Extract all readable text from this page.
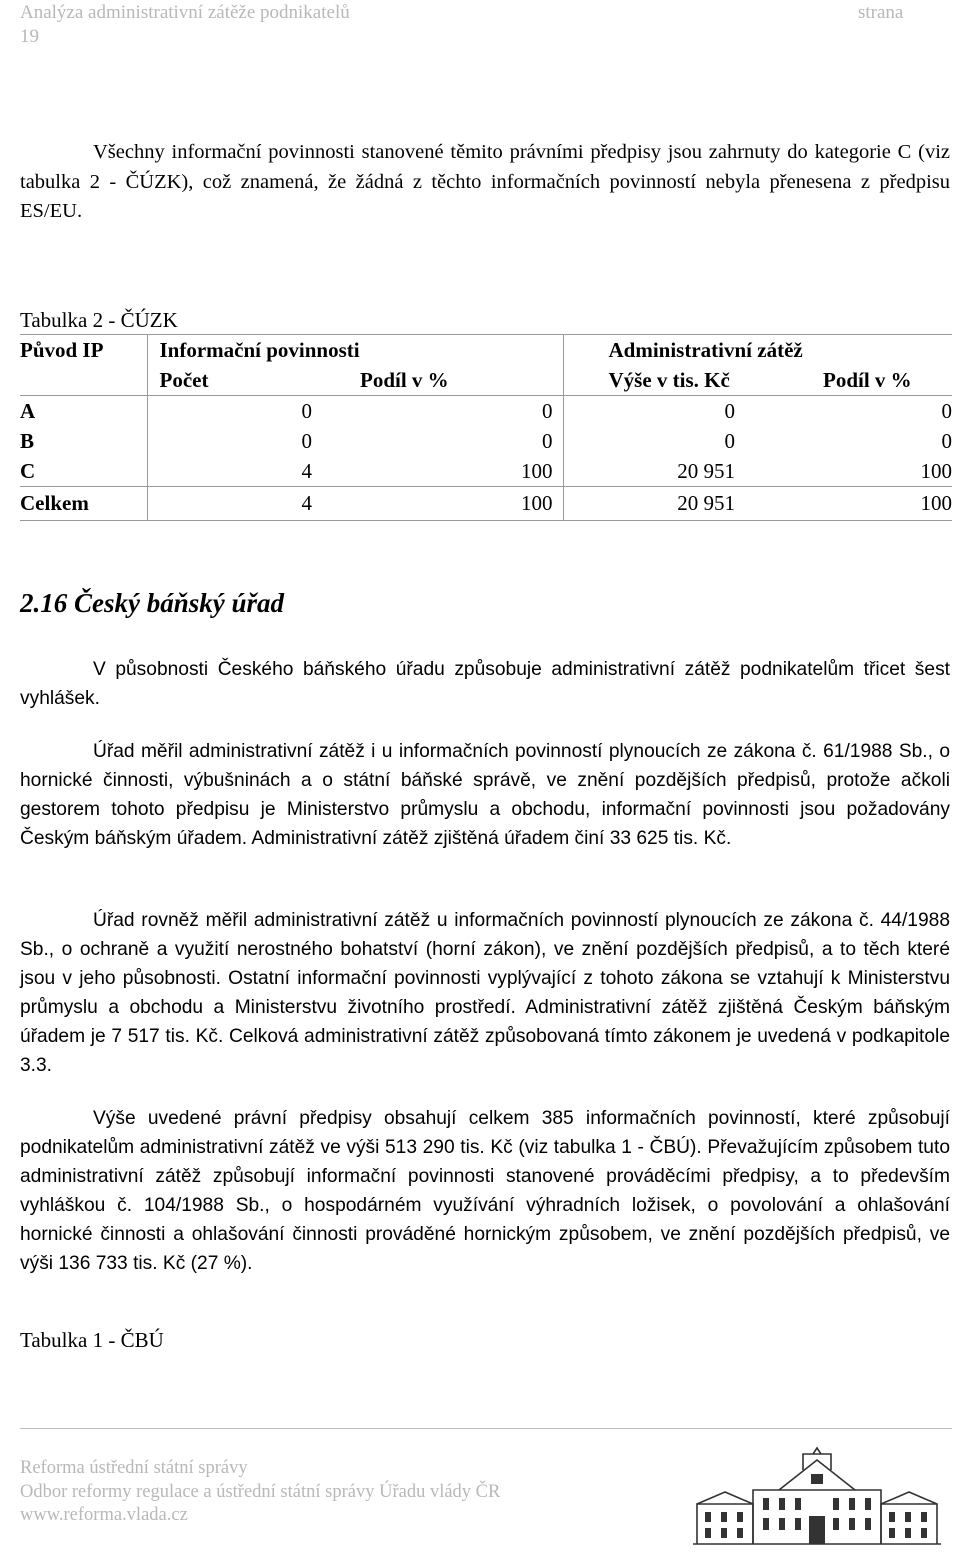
Analýza administrativní zátěže podnikatelů	strana
19

Všechny informační povinnosti stanovené těmito právními předpisy jsou zahrnuty do kategorie C (viz tabulka 2 - ČÚZK), což znamená, že žádná z těchto informačních povinností nebyla přenesena z předpisu ES/EU.

Tabulka 2 - ČÚZK
Původ IP	Informační povinnosti		Administrativní zátěž	
	Počet	Podíl v %	Výše v tis. Kč	Podíl v %
A	0	0	0	0
B	0	0	0	0
C	4	100	20 951	100
Celkem	4	100	20 951	100
2.16 Český báňský úřad

V působnosti Českého báňského úřadu způsobuje administrativní zátěž podnikatelům třicet šest vyhlášek.

Úřad měřil administrativní zátěž i u informačních povinností plynoucích ze zákona č. 61/1988 Sb., o hornické činnosti, výbušninách a o státní báňské správě, ve znění pozdějších předpisů, protože ačkoli gestorem tohoto předpisu je Ministerstvo průmyslu a obchodu, informační povinnosti jsou požadovány Českým báňským úřadem. Administrativní zátěž zjištěná úřadem činí 33 625 tis. Kč.

Úřad rovněž měřil administrativní zátěž u informačních povinností plynoucích ze zákona č. 44/1988 Sb., o ochraně a využití nerostného bohatství (horní zákon), ve znění pozdějších předpisů, a to těch které jsou v jeho působnosti. Ostatní informační povinnosti vyplývající z tohoto zákona se vztahují k Ministerstvu průmyslu a obchodu a Ministerstvu životního prostředí. Administrativní zátěž zjištěná Českým báňským úřadem je 7 517 tis. Kč. Celková administrativní zátěž způsobovaná tímto zákonem je uvedená v podkapitole 3.3.

Výše uvedené právní předpisy obsahují celkem 385 informačních povinností, které způsobují podnikatelům administrativní zátěž ve výši 513 290 tis. Kč (viz tabulka 1 - ČBÚ). Převažujícím způsobem tuto administrativní zátěž způsobují informační povinnosti stanovené prováděcími předpisy, a to především vyhláškou č. 104/1988 Sb., o hospodárném využívání výhradních ložisek, o povolování a ohlašování hornické činnosti a ohlašování činnosti prováděné hornickým způsobem, ve znění pozdějších předpisů, ve výši 136 733 tis. Kč (27 %).

Tabulka 1 - ČBÚ
Reforma ústřední státní správy
Odbor reformy regulace a ústřední státní správy Úřadu vlády ČR
www.reforma.vlada.cz
